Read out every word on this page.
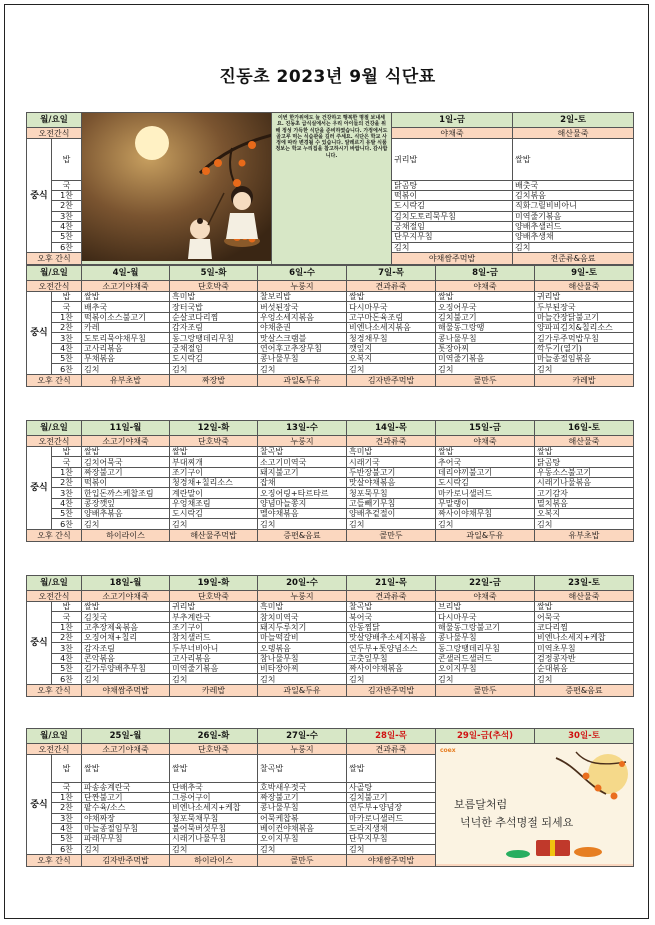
진동초 2023년 9월 식단표
월/요일			이번 한가위에도 늘 건강하고 행복한 명절 보내세요. 진동초 급식실에서는 우리 아이들의 건강을 위해 정성 가득한 식단을 준비하였습니다. 가정에서도 골고루 먹는 식습관을 길러 주세요. 식단은 학교 사정에 따라 변경될 수 있습니다. 알레르기 유발 식품 정보는 학교 누리집을 참고하시기 바랍니다. 감사합니다.	1일-금	2일-토
오전간식				야채죽	해산물죽
중식	밥			귀리밥	쌀밥
	국			닭곰탕	배춧국
	1찬			떡볶이	김치볶음
	2찬			도시락김	직화그릴비비아니
	3찬			김치도토리묵무침	미역줄기볶음
	4찬			궁채절임	양배추샐러드
	5찬			단무지무침	양배추생채
	6찬			김치	김치
오후 간식				야채쌈주먹밥	전준류&음료
월/요일		4일-월	5일-화	6일-수	7일-목	8일-금	9일-토
오전간식		소고기야채죽	단호박죽	누룽지	견과류죽	야채죽	해산물죽
중식	밥	쌀밥	흑미밥	찰보리밥	쌀밥	쌀밥	귀리밥
	국	배추국	장터국밥	버섯된장국	다시마무국	오징어무국	두부된장국
	1찬	떡볶이소스불고기	순살코다리찜	우엉소세지볶음	고구마돈육조림	김치불고기	마늘간장닭불고기
	2찬	카레	감자조림	야채춘권	비엔나소세지볶음	해물동그랑땡	양파피김치&칠리소스
	3찬	도토리묵야채무침	동그랑땡데리무침	맛살스크램블	청경채무침	콩나물무침	김가루주먹밥무침
	4찬	고사리볶음	궁채절임	연어후고추장무침	깻잎지	톳장아찌	깍두기(열기)
	5찬	무채볶음	도시락김	콩나물무침	오복지	미역줄기볶음	마늘종절임볶음
	6찬	김치	김치	김치	김치	김치	김치
오후 간식		유부초밥	짜장밥	과일&두유	김자반주먹밥	콜만두	카레밥
월/요일		11일-월	12일-화	13일-수	14일-목	15일-금	16일-토
오전간식		소고기야채죽	단호박죽	누룽지	견과류죽	야채죽	해산물죽
중식	밥	쌀밥	쌀밥	찰곡밥	흑미밥	쌀밥	쌀밥
	국	김치어묵국	부대찌개	소고기미역국	시래기국	추어국	닭곰탕
	1찬	짜장불고기	조기구이	돼지불고기	두반장불고기	데리야끼불고기	우동소스불고기
	2찬	떡볶이	청경채+칠리소스	잡채	맛살야채볶음	도시락김	시래기나물볶음
	3찬	한입돈까스케찹조림	계란말이	오징어링+타르타르	청포묵무침	마카로니샐러드	고기감자
	4찬	콩장깻잎	우엉채조림	양념마늘쫑지	고들빼기무침	무말랭이	멸치볶음
	5찬	양배추볶음	도시락김	멜야채볶음	양배추겉절이	짜사이야채무침	오복지
	6찬	김치	김치	김치	김치	김치	김치
오후 간식		하이라이스	해산물주먹밥	증편&음료	콜만두	과일&두유	유부초밥
월/요일		18일-월	19일-화	20일-수	21일-목	22일-금	23일-토
오전간식		소고기야채죽	단호박죽	누룽지	견과류죽	야채죽	해산물죽
중식	밥	쌀밥	귀리밥	흑미밥	찰곡밥	브리밥	쌀밥
	국	김칫국	부추계란국	참치미역국	북어국	다시마무국	어묵국
	1찬	고추장제육볶음	조기구이	돼지두루치기	안동찜닭	해물동그랑불고기	코다리찜
	2찬	오징어채+칠리	참치샐러드	마늘떡갈비	맛살양배추소세지볶음	콩나물무침	비엔나소세지+케찹
	3찬	감자조림	두부너비아니	오뎅볶음	연두부+톳양념소스	동그랑땡데리무침	미역초무침
	4찬	콘악볶음	고사리볶음	참나물무침	고춧잎무침	콘샐러드샐러드	검정콩자반
	5찬	김가루양배추무침	미역줄기볶음	비타장아찌	짜사이야채볶음	오이지무침	순대볶음
	6찬	김치	김치	김치	김치	김치	김치
오후 간식		야채쌈주먹밥	카레밥	과일&두유	김자반주먹밥	콜만두	증편&음료
월/요일		25일-월	26일-화	27일-수	28일-목	29일-금(추석)	30일-토
오전간식		소고기야채죽	단호박죽	누룽지	견과류죽	coex
보름달처럼
넉넉한 추석명절 되세요	

중식	밥	쌀밥	쌀밥	찰곡밥	쌀밥		
	국	파송송계란국	단배추국	호박새우젓국	사골탕		
	1찬	단짠불고기	그릉어구이	짜장불고기	김치불고기		
	2찬	팥수육/소스	비엔나소세지+케찹	콩나물무침	연두부+양념장		
	3찬	야채짜장	청포묵채무침	어묵케찹볶	마카로니샐러드		
	4찬	마늘종절임무침	불어묵버섯무침	베이컨야채볶음	도라지생채		
	5찬	파래무무침	시래기나물무침	오이지무침	단무지무침		
	6찬	김치	김치	김치	김치		
오후 간식		김자반주먹밥	하이라이스	콜만두	야채쌈주먹밥		
